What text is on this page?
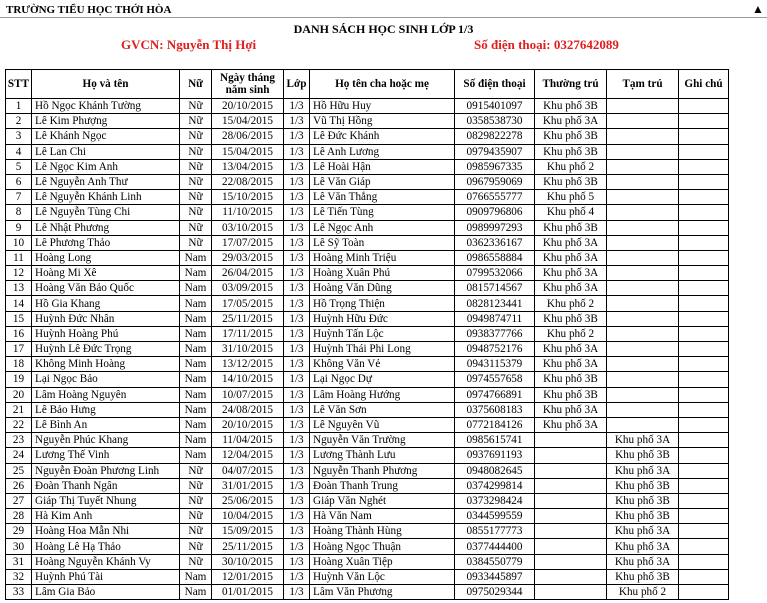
TRƯỜNG TIỂU HỌC THỚI HÒA	▲
DANH SÁCH HỌC SINH LỚP 1/3
GVCN: Nguyễn Thị Hợi	Số điện thoại: 0327642089
STT	Họ và tên	Nữ	Ngày tháng năm sinh	Lớp	Họ tên cha hoặc mẹ	Số điện thoại	Thường trú	Tạm trú	Ghi chú
1	Hồ Ngọc Khánh Tường	Nữ	20/10/2015	1/3	Hồ Hữu Huy	0915401097	Khu phố 3B		
2	Lê Kim Phượng	Nữ	15/04/2015	1/3	Vũ Thị Hồng	0358538730	Khu phố 3A		
3	Lê Khánh Ngọc	Nữ	28/06/2015	1/3	Lê Đức Khánh	0829822278	Khu phố 3B		
4	Lê Lan Chi	Nữ	15/04/2015	1/3	Lê Anh Lương	0979435907	Khu phố 3B		
5	Lê Ngọc Kim Anh	Nữ	13/04/2015	1/3	Lê Hoài Hận	0985967335	Khu phố 2		
6	Lê Nguyễn Anh Thư	Nữ	22/08/2015	1/3	Lê Văn Giáp	0967959069	Khu phố 3B		
7	Lê Nguyễn Khánh Linh	Nữ	15/10/2015	1/3	Lê Văn Thắng	0766555777	Khu phố 5		
8	Lê Nguyễn Tùng Chi	Nữ	11/10/2015	1/3	Lê Tiến Tùng	0909796806	Khu phố 4		
9	Lê Nhật Phương	Nữ	03/10/2015	1/3	Lê Ngọc Anh	0989997293	Khu phố 3B		
10	Lê Phương Thảo	Nữ	17/07/2015	1/3	Lê Sỹ Toàn	0362336167	Khu phố 3A		
11	Hoàng Long	Nam	29/03/2015	1/3	Hoàng Minh Triệu	0986558884	Khu phố 3A		
12	Hoàng Mi Xê	Nam	26/04/2015	1/3	Hoàng Xuân Phú	0799532066	Khu phố 3A		
13	Hoàng Văn Bảo Quốc	Nam	03/09/2015	1/3	Hoàng Văn Dũng	0815714567	Khu phố 3A		
14	Hồ Gia Khang	Nam	17/05/2015	1/3	Hồ Trọng Thiện	0828123441	Khu phố 2		
15	Huỳnh Đức Nhân	Nam	25/11/2015	1/3	Huỳnh Hữu Đức	0949874711	Khu phố 3B		
16	Huỳnh Hoàng Phú	Nam	17/11/2015	1/3	Huỳnh Tấn Lộc	0938377766	Khu phố 2		
17	Huỳnh Lê Đức Trọng	Nam	31/10/2015	1/3	Huỳnh Thái Phi Long	0948752176	Khu phố 3A		
18	Không Minh Hoàng	Nam	13/12/2015	1/3	Không Văn Vẻ	0943115379	Khu phố 3A		
19	Lại Ngọc Bảo	Nam	14/10/2015	1/3	Lại Ngọc Dự	0974557658	Khu phố 3B		
20	Lâm Hoàng Nguyên	Nam	10/07/2015	1/3	Lâm Hoàng Hướng	0974766891	Khu phố 3B		
21	Lê Bảo Hưng	Nam	24/08/2015	1/3	Lê Văn Sơn	0375608183	Khu phố 3A		
22	Lê Bình An	Nam	20/10/2015	1/3	Lê Nguyên Vũ	0772184126	Khu phố 3A		
23	Nguyễn Phúc Khang	Nam	11/04/2015	1/3	Nguyễn Văn Trường	0985615741		Khu phố 3A	
24	Lương Thế Vinh	Nam	12/04/2015	1/3	Lương Thành Lưu	0937691193		Khu phố 3B	
25	Nguyễn Đoàn Phương Linh	Nữ	04/07/2015	1/3	Nguyễn Thanh Phương	0948082645		Khu phố 3A	
26	Đoàn Thanh Ngân	Nữ	31/01/2015	1/3	Đoàn Thanh Trung	0374299814		Khu phố 3B	
27	Giáp Thị Tuyết Nhung	Nữ	25/06/2015	1/3	Giáp Văn Nghét	0373298424		Khu phố 3B	
28	Hà Kim Anh	Nữ	10/04/2015	1/3	Hà Văn Nam	0344599559		Khu phố 3B	
29	Hoàng Hoa Mẫn Nhi	Nữ	15/09/2015	1/3	Hoàng Thành Hùng	0855177773		Khu phố 3A	
30	Hoàng Lê Hạ Thảo	Nữ	25/11/2015	1/3	Hoàng Ngọc Thuận	0377444400		Khu phố 3A	
31	Hoàng Nguyễn Khánh Vy	Nữ	30/10/2015	1/3	Hoàng Xuân Tiệp	0384550779		Khu phố 3A	
32	Huỳnh Phú Tài	Nam	12/01/2015	1/3	Huỳnh Văn Lộc	0933445897		Khu phố 3B	
33	Lâm Gia Bảo	Nam	01/01/2015	1/3	Lâm Văn Phương	0975029344		Khu phố 2	
